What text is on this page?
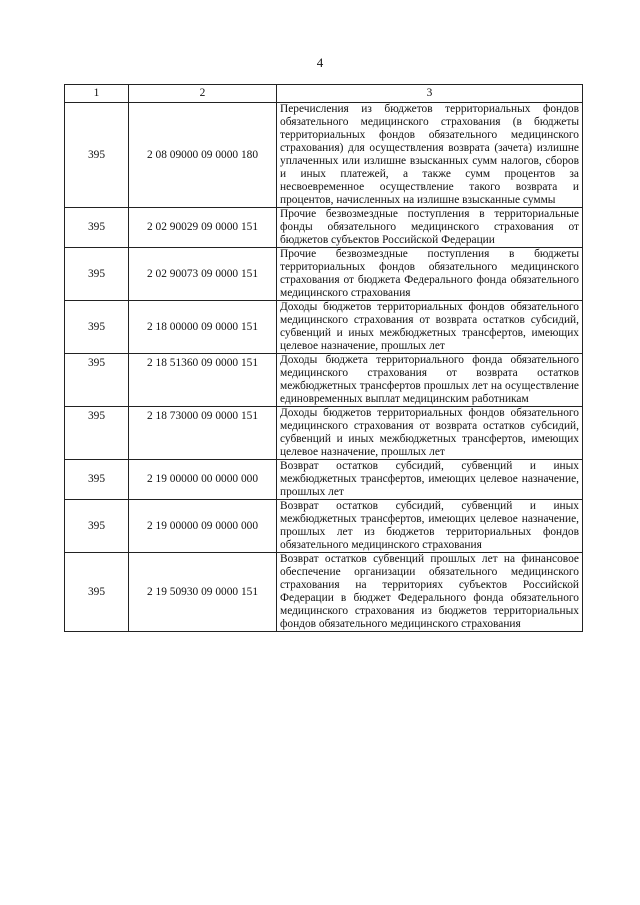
4
1	2	3
395	2 08 09000 09 0000 180	Перечисления из бюджетов территориальных фондов обязательного медицинского страхования (в бюджеты территориальных фондов обязательного медицинского страхования) для осуществления возврата (зачета) излишне уплаченных или излишне взысканных сумм налогов, сборов и иных платежей, а также сумм процентов за несвоевременное осуществление такого возврата и процентов, начисленных на излишне взысканные суммы
395	2 02 90029 09 0000 151	Прочие безвозмездные поступления в территориальные фонды обязательного медицинского страхования от бюджетов субъектов Российской Федерации
395	2 02 90073 09 0000 151	Прочие безвозмездные поступления в бюджеты территориальных фондов обязательного медицинского страхования от бюджета Федерального фонда обязательного медицинского страхования
395	2 18 00000 09 0000 151	Доходы бюджетов территориальных фондов обязательного медицинского страхования от возврата остатков субсидий, субвенций и иных межбюджетных трансфертов, имеющих целевое назначение, прошлых лет
395	2 18 51360 09 0000 151	Доходы бюджета территориального фонда обязательного медицинского страхования от возврата остатков межбюджетных трансфертов прошлых лет на осуществление единовременных выплат медицинским работникам
395	2 18 73000 09 0000 151	Доходы бюджетов территориальных фондов обязательного медицинского страхования от возврата остатков субсидий, субвенций и иных межбюджетных трансфертов, имеющих целевое назначение, прошлых лет
395	2 19 00000 00 0000 000	Возврат остатков субсидий, субвенций и иных межбюджетных трансфертов, имеющих целевое назначение, прошлых лет
395	2 19 00000 09 0000 000	Возврат остатков субсидий, субвенций и иных межбюджетных трансфертов, имеющих целевое назначение, прошлых лет из бюджетов территориальных фондов обязательного медицинского страхования
395	2 19 50930 09 0000 151	Возврат остатков субвенций прошлых лет на финансовое обеспечение организации обязательного медицинского страхования на территориях субъектов Российской Федерации в бюджет Федерального фонда обязательного медицинского страхования из бюджетов территориальных фондов обязательного медицинского страхования
